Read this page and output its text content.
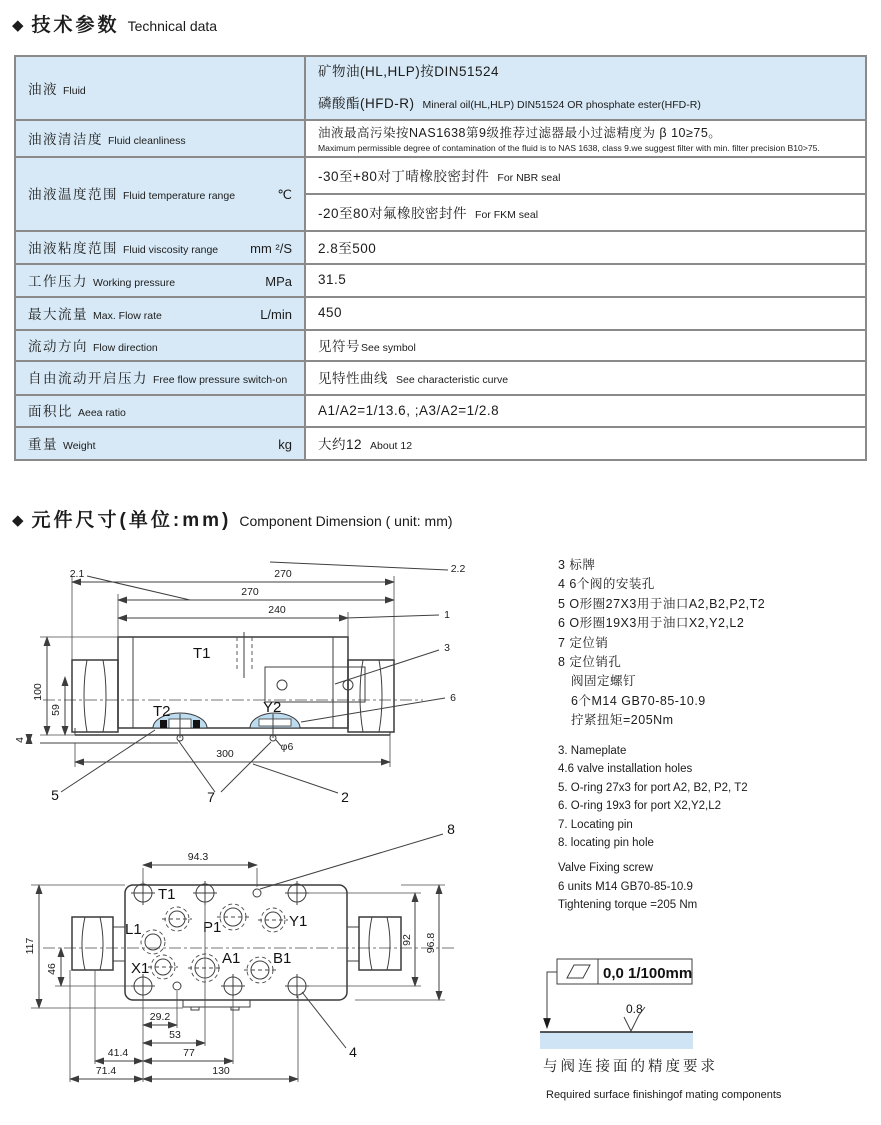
◆ 技术参数 Technical data
油液 Fluid	矿物油(HL,HLP)按DIN51524
磷酸酯(HFD-R) Mineral oil(HL,HLP) DIN51524 OR phosphate ester(HFD-R)

油液清洁度 Fluid cleanliness	油液最高污染按NAS1638第9级推荐过滤器最小过滤精度为 β 10≥75。
Maximum permissible degree of contamination of the fluid is to NAS 1638, class 9.we suggest filter with min. filter precision B10>75.

油液温度范围 Fluid temperature range ℃	-30至+80对丁晴橡胶密封件 For NBR seal
	-20至80对氟橡胶密封件 For FKM seal

油液粘度范围 Fluid viscosity range mm ²/S	2.8至500

工作压力 Working pressure MPa	31.5

最大流量 Max. Flow rate L/min	450

流动方向 Flow direction	见符号See symbol

自由流动开启压力 Free flow pressure switch-on	见特性曲线 See characteristic curve

面积比 Aeea ratio	A1/A2=1/13.6, ;A3/A2=1/2.8

重量 Weight kg	大约12 About 12
◆ 元件尺寸(单位:mm) Component Dimension ( unit: mm)
270
270
240
2.1	2.2
1
3
6
100
59
4
300
φ6
T1
T2	Y2
5	7	2
T1
L1	P1	Y1
X1
A1 B1
8
94.3
117
46
92 96.8
29.2
53
41.4	77
71.4	130
4
3 标牌
4 6个阀的安装孔
5 O形圈27X3用于油口A2,B2,P2,T2
6 O形圈19X3用于油口X2,Y2,L2
7 定位销
8 定位销孔
阀固定螺钉
6个M14 GB70-85-10.9
拧紧扭矩=205Nm
3. Nameplate
4.6 valve installation holes
5. O-ring 27x3 for port A2, B2, P2, T2
6. O-ring 19x3 for port X2,Y2,L2
7. Locating pin
8. locating pin hole
Valve Fixing screw
6 units M14 GB70-85-10.9
Tightening torque =205 Nm
0,0 1/100mm
0.8
与阀连接面的精度要求
Required surface finishingof mating components
